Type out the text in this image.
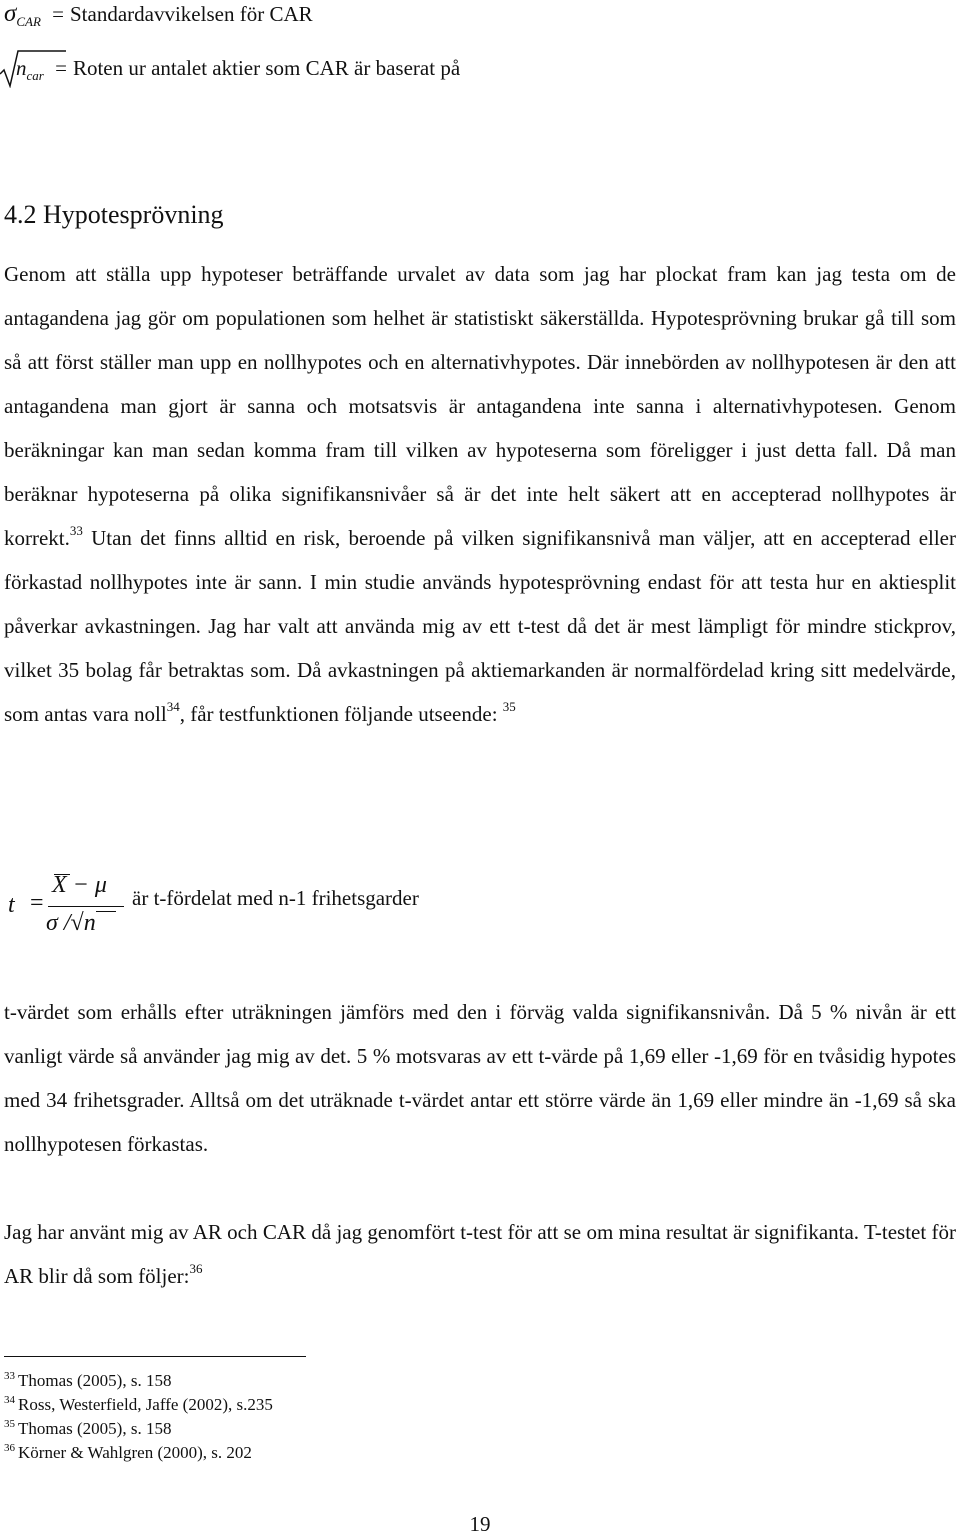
$\sigma_{CAR}$ = Standardavvikelsen för CAR
$n_{car}$ = Roten ur antalet aktier som CAR är baserat på
4.2 Hypotesprövning

Genom att ställa upp hypoteser beträffande urvalet av data som jag har plockat fram kan jag testa om de antagandena jag gör om populationen som helhet är statistiskt säkerställda. Hypotesprövning brukar gå till som så att först ställer man upp en nollhypotes och en alternativhypotes. Där innebörden av nollhypotesen är den att antagandena man gjort är sanna och motsatsvis är antagandena inte sanna i alternativhypotesen. Genom beräkningar kan man sedan komma fram till vilken av hypoteserna som föreligger i just detta fall. Då man beräknar hypoteserna på olika signifikansnivåer så är det inte helt säkert att en accepterad nollhypotes är korrekt.$^{33}$ Utan det finns alltid en risk, beroende på vilken signifikansnivå man väljer, att en accepterad eller förkastad nollhypotes inte är sann. I min studie används hypotesprövning endast för att testa hur en aktiesplit påverkar avkastningen. Jag har valt att använda mig av ett t-test då det är mest lämpligt för mindre stickprov, vilket 35 bolag får betraktas som. Då avkastningen på aktiemarkanden är normalfördelad kring sitt medelvärde, som antas vara noll$^{34}$, får testfunktionen följande utseende: $^{35}$

t =
X − μ
σ /√n
är t-fördelat med n-1 frihetsgarder

t-värdet som erhålls efter uträkningen jämförs med den i förväg valda signifikansnivån. Då 5 % nivån är ett vanligt värde så använder jag mig av det. 5 % motsvaras av ett t-värde på 1,69 eller -1,69 för en tvåsidig hypotes med 34 frihetsgrader. Alltså om det uträknade t-värdet antar ett större värde än 1,69 eller mindre än -1,69 så ska nollhypotesen förkastas.

Jag har använt mig av AR och CAR då jag genomfört t-test för att se om mina resultat är signifikanta. T-testet för AR blir då som följer:$^{36}$

$^{33}$ Thomas (2005), s. 158
$^{34}$ Ross, Westerfield, Jaffe (2002), s.235
$^{35}$ Thomas (2005), s. 158
$^{36}$ Körner & Wahlgren (2000), s. 202
19
